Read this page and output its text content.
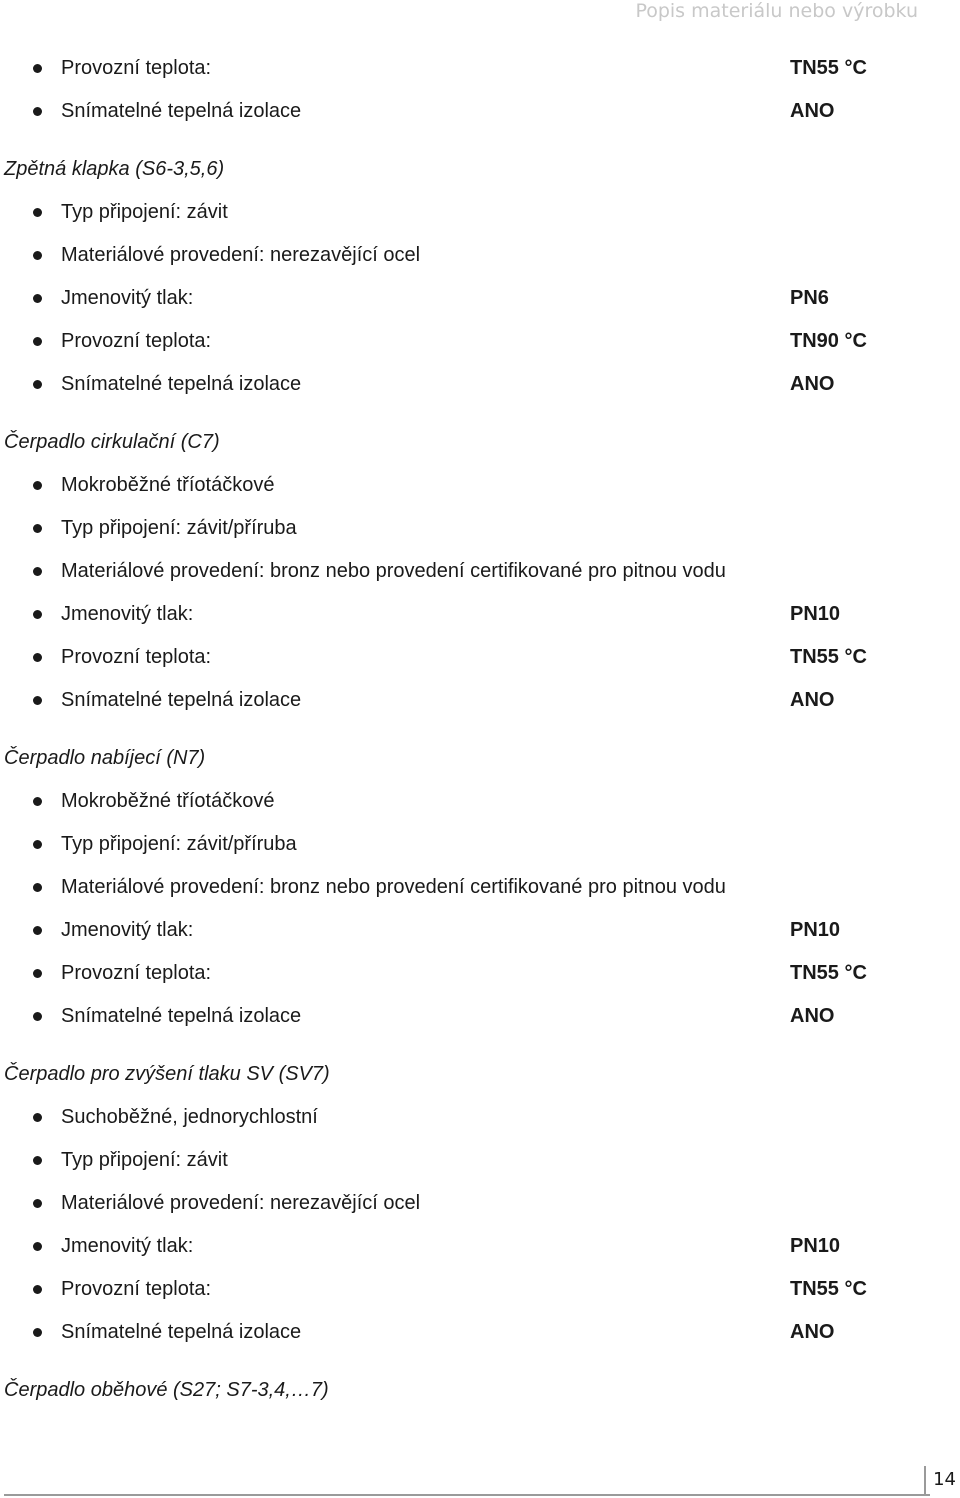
Popis materiálu nebo výrobku
Provozní teplota:	TN55 °C
Snímatelné tepelná izolace	ANO
Zpětná klapka (S6-3,5,6)
Typ připojení: závit
Materiálové provedení: nerezavějící ocel
Jmenovitý tlak:	PN6
Provozní teplota:	TN90 °C
Snímatelné tepelná izolace	ANO
Čerpadlo cirkulační (C7)
Mokroběžné tříotáčkové
Typ připojení: závit/příruba
Materiálové provedení: bronz nebo provedení certifikované pro pitnou vodu
Jmenovitý tlak:	PN10
Provozní teplota:	TN55 °C
Snímatelné tepelná izolace	ANO
Čerpadlo nabíjecí (N7)
Mokroběžné tříotáčkové
Typ připojení: závit/příruba
Materiálové provedení: bronz nebo provedení certifikované pro pitnou vodu
Jmenovitý tlak:	PN10
Provozní teplota:	TN55 °C
Snímatelné tepelná izolace	ANO
Čerpadlo pro zvýšení tlaku SV (SV7)
Suchoběžné, jednorychlostní
Typ připojení: závit
Materiálové provedení: nerezavějící ocel
Jmenovitý tlak:	PN10
Provozní teplota:	TN55 °C
Snímatelné tepelná izolace	ANO
Čerpadlo oběhové (S27; S7-3,4,…7)
14
